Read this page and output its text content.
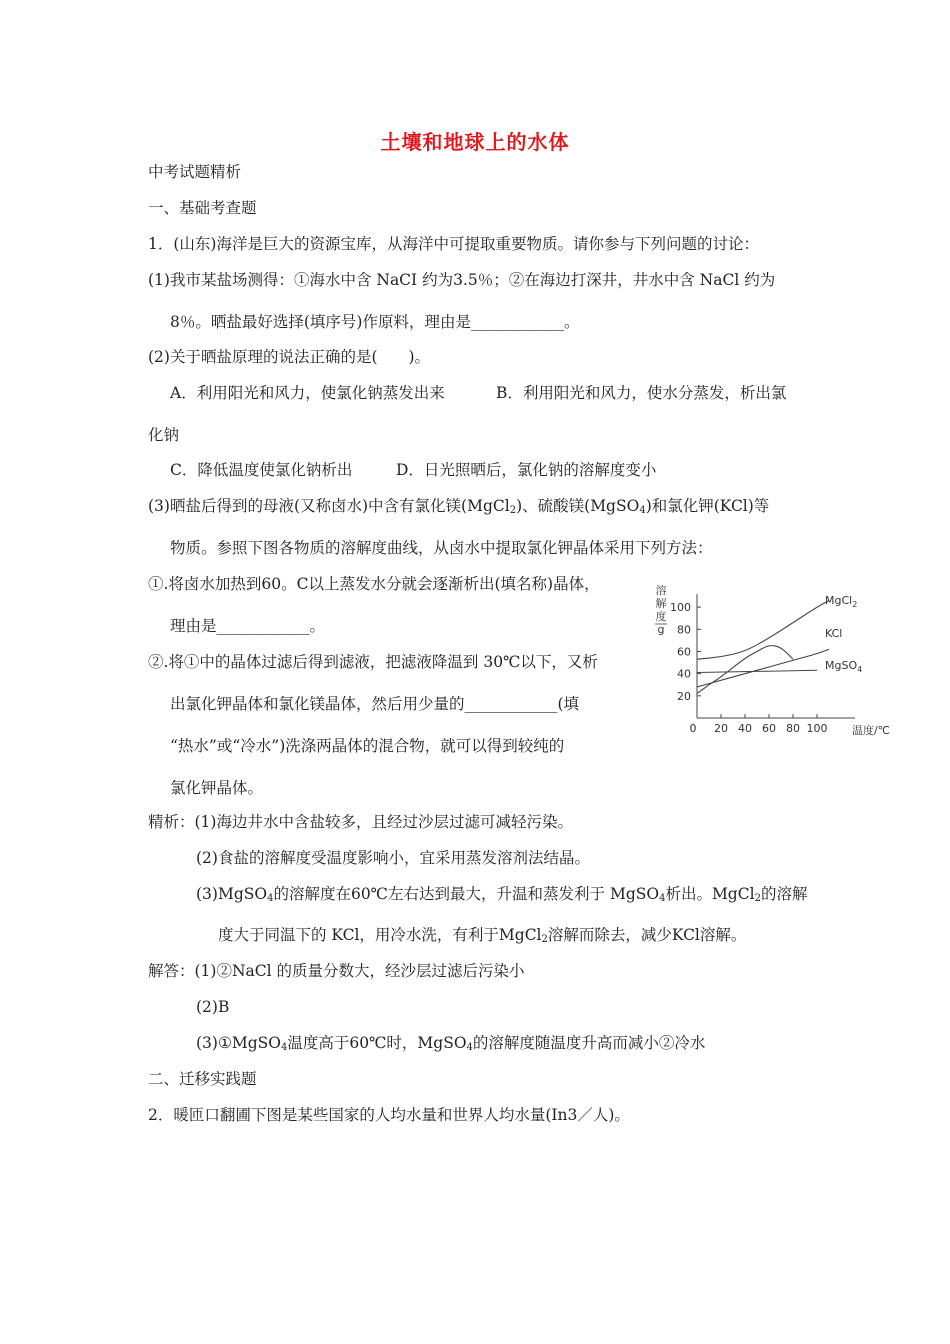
土壤和地球上的水体
中考试题精析
一、基础考查题
1．(山东)海洋是巨大的资源宝库，从海洋中可提取重要物质。请你参与下列问题的讨论：
(1)我市某盐场测得：①海水中含 NaCI 约为3.5％；②在海边打深井，井水中含 NaCl 约为
8％。晒盐最好选择(填序号)作原料，理由是____________。
(2)关于晒盐原理的说法正确的是(　　)。
A．利用阳光和风力，使氯化钠蒸发出来	B．利用阳光和风力，使水分蒸发，析出氯
化钠
C．降低温度使氯化钠析出	D．日光照晒后，氯化钠的溶解度变小
(3)晒盐后得到的母液(又称卤水)中含有氯化镁(MgCl$_2$)、硫酸镁(MgSO$_4$)和氯化钾(KCl)等
物质。参照下图各物质的溶解度曲线，从卤水中提取氯化钾晶体采用下列方法：
①.将卤水加热到60。C以上蒸发水分就会逐渐析出(填名称)晶体，
理由是____________。
②.将①中的晶体过滤后得到滤液，把滤液降温到 30℃以下，又析
出氯化钾晶体和氯化镁晶体，然后用少量的____________(填
“热水”或“冷水”)洗涤两晶体的混合物，就可以得到较纯的
氯化钾晶体。
溶
解
度
g
20
40
60
80
100
0 20 40 60 80 100 温度/℃
MgCl$_2$
KCl
MgSO$_4$
精析：(1)海边井水中含盐较多，且经过沙层过滤可减轻污染。
(2)食盐的溶解度受温度影响小，宜采用蒸发溶剂法结晶。
(3)MgSO$_4$的溶解度在60℃左右达到最大，升温和蒸发利于 MgSO$_4$析出。MgCl$_2$的溶解
度大于同温下的 KCl，用冷水洗，有利于MgCl$_2$溶解而除去，减少KCl溶解。
解答：(1)②NaCl 的质量分数大，经沙层过滤后污染小
(2)B
(3)①MgSO$_4$温度高于60℃时，MgSO$_4$的溶解度随温度升高而减小②冷水
二、迁移实践题
2．暖匝口翻圃下图是某些国家的人均水量和世界人均水量(In3／人)。
